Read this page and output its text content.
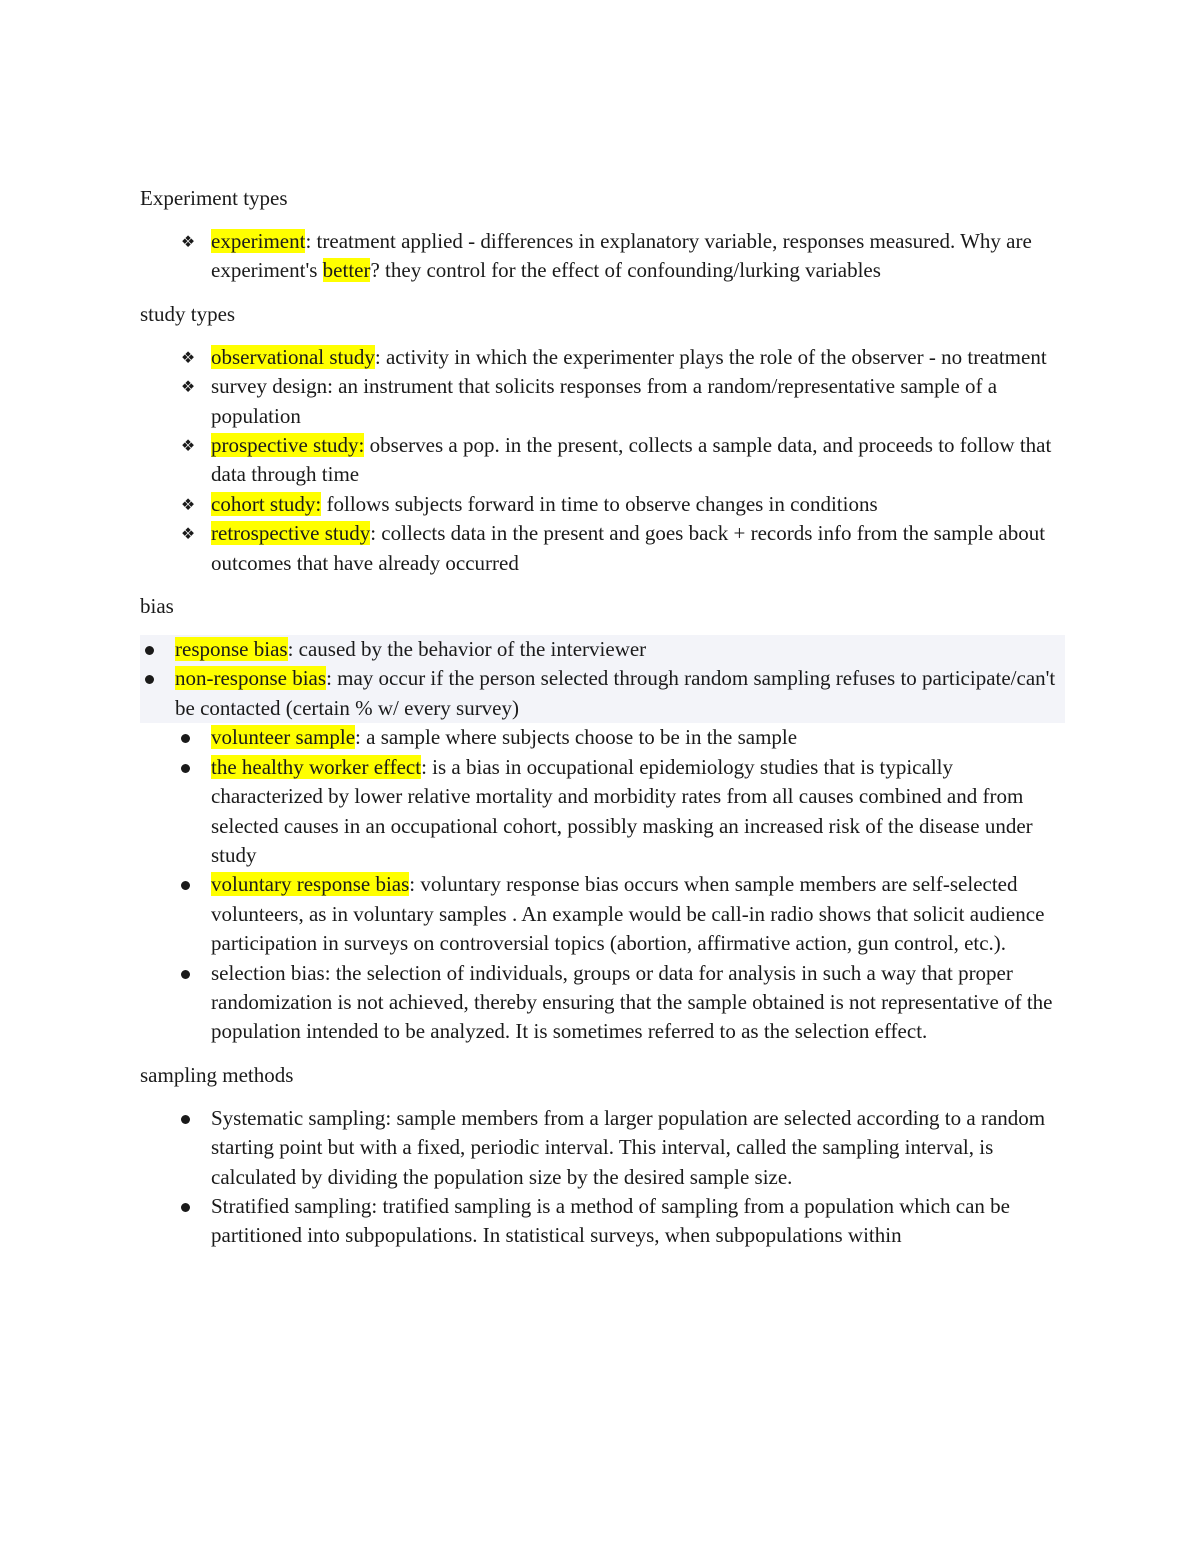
Experiment types
❖ experiment: treatment applied - differences in explanatory variable, responses measured. Why are experiment's better? they control for the effect of confounding/lurking variables
study types
❖ observational study: activity in which the experimenter plays the role of the observer - no treatment
❖ survey design: an instrument that solicits responses from a random/representative sample of a population
❖ prospective study: observes a pop. in the present, collects a sample data, and proceeds to follow that data through time
❖ cohort study: follows subjects forward in time to observe changes in conditions
❖ retrospective study: collects data in the present and goes back + records info from the sample about outcomes that have already occurred
bias
response bias: caused by the behavior of the interviewer
non-response bias: may occur if the person selected through random sampling refuses to participate/can't be contacted (certain % w/ every survey)
volunteer sample: a sample where subjects choose to be in the sample
the healthy worker effect: is a bias in occupational epidemiology studies that is typically characterized by lower relative mortality and morbidity rates from all causes combined and from selected causes in an occupational cohort, possibly masking an increased risk of the disease under study
voluntary response bias: voluntary response bias occurs when sample members are self-selected volunteers, as in voluntary samples . An example would be call-in radio shows that solicit audience participation in surveys on controversial topics (abortion, affirmative action, gun control, etc.).
selection bias: the selection of individuals, groups or data for analysis in such a way that proper randomization is not achieved, thereby ensuring that the sample obtained is not representative of the population intended to be analyzed. It is sometimes referred to as the selection effect.
sampling methods
Systematic sampling: sample members from a larger population are selected according to a random starting point but with a fixed, periodic interval. This interval, called the sampling interval, is calculated by dividing the population size by the desired sample size.
Stratified sampling: tratified sampling is a method of sampling from a population which can be partitioned into subpopulations. In statistical surveys, when subpopulations within
